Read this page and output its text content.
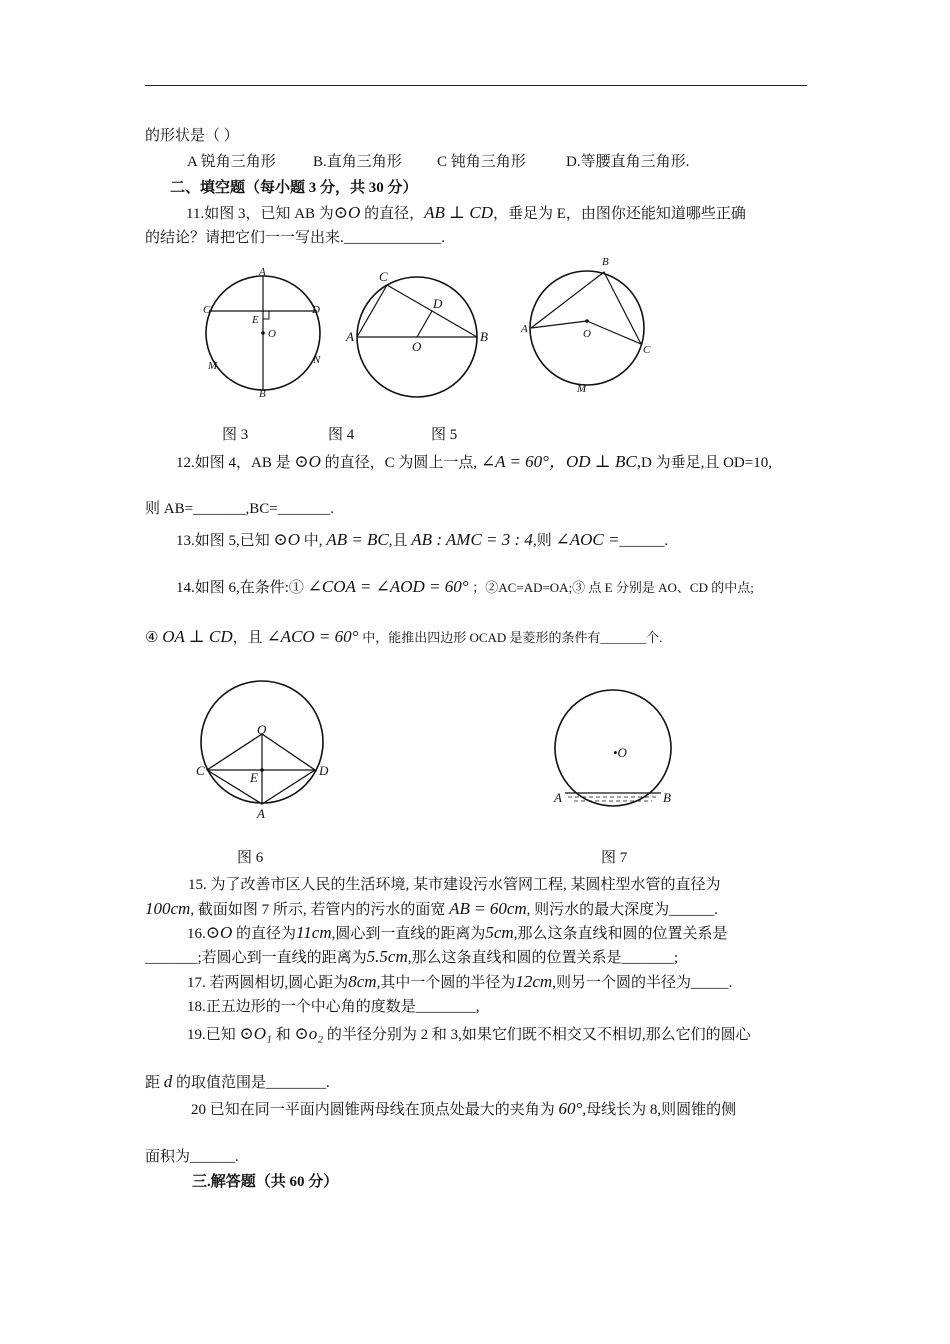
的形状是（ ）
A 锐角三角形 B.直角三角形 C 钝角三角形	D.等腰直角三角形.
二、填空题（每小题 3 分，共 30 分）
11.如图 3，已知 AB 为⊙O 的直径，AB ⊥ CD，垂足为 E，由图你还能知道哪些正确
的结论？请把它们一一写出来._____________.
A
B
C	D
E
O
M	N
A	B
C
D
O
A
B
C
O
M
图 3	图 4	图 5
12.如图 4，AB 是 ⊙O 的直径，C 为圆上一点, ∠A = 60°，OD ⊥ BC,D 为垂足,且 OD=10,
则 AB=_______,BC=_______.
13.如图 5,已知 ⊙O 中, AB = BC,且 AB : AMC = 3 : 4,则 ∠AOC =______.
14.如图 6,在条件:① ∠COA = ∠AOD = 60° ；②AC=AD=OA;③ 点 E 分别是 AO、CD 的中点;
④ OA ⊥ CD，且 ∠ACO = 60° 中，能推出四边形 OCAD 是菱形的条件有_______个.
O
C	D
E
A
•O
A	B
图 6	图 7
15. 为了改善市区人民的生活环境, 某市建设污水管网工程, 某圆柱型水管的直径为
100cm, 截面如图 7 所示, 若管内的污水的面宽 AB = 60cm, 则污水的最大深度为______.
16.⊙O 的直径为11cm,圆心到一直线的距离为5cm,那么这条直线和圆的位置关系是
_______;若圆心到一直线的距离为5.5cm,那么这条直线和圆的位置关系是_______;
17. 若两圆相切,圆心距为8cm,其中一个圆的半径为12cm,则另一个圆的半径为_____.
18.正五边形的一个中心角的度数是________,
19.已知 ⊙O₁ 和 ⊙o₂ 的半径分别为 2 和 3,如果它们既不相交又不相切,那么它们的圆心
距 d 的取值范围是________.
20 已知在同一平面内圆锥两母线在顶点处最大的夹角为 60°,母线长为 8,则圆锥的侧
面积为______.
三.解答题（共 60 分）
